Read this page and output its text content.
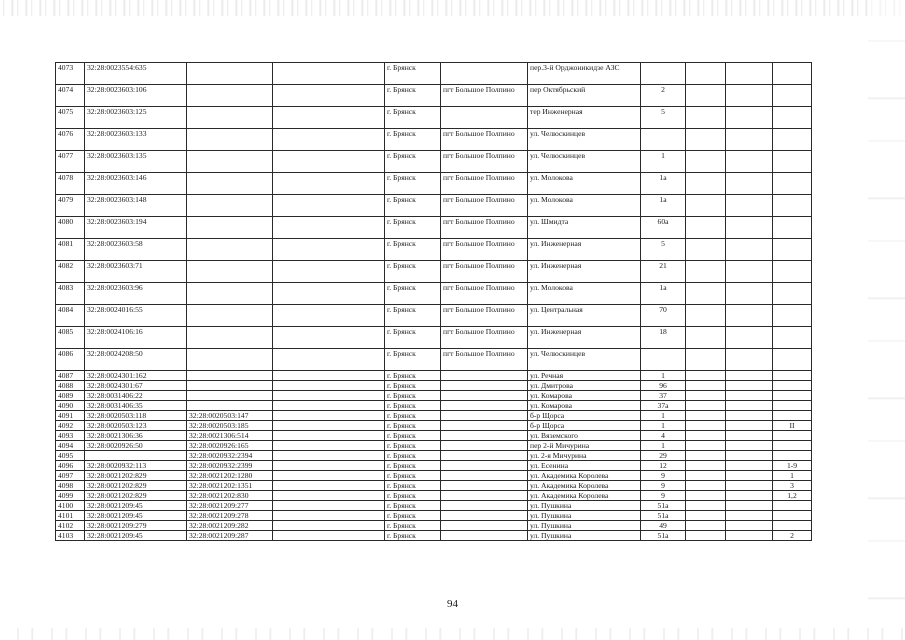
4073	32:28:0023554:635			г. Брянск		пер.3-й Орджоникидзе АЗС				
4074	32:28:0023603:106			г. Брянск	пгт Большое Полпино	пер Октябрьский	2			
4075	32:28:0023603:125			г. Брянск		тер Инженерная	5			
4076	32:28:0023603:133			г. Брянск	пгт Большое Полпино	ул. Челюскинцев				
4077	32:28:0023603:135			г. Брянск	пгт Большое Полпино	ул. Челюскинцев	1			
4078	32:28:0023603:146			г. Брянск	пгт Большое Полпино	ул. Молокова	1а			
4079	32:28:0023603:148			г. Брянск	пгт Большое Полпино	ул. Молокова	1а			
4080	32:28:0023603:194			г. Брянск	пгт Большое Полпино	ул. Шмидта	60а			
4081	32:28:0023603:58			г. Брянск	пгт Большое Полпино	ул. Инженерная	5			
4082	32:28:0023603:71			г. Брянск	пгт Большое Полпино	ул. Инженерная	21			
4083	32:28:0023603:96			г. Брянск	пгт Большое Полпино	ул. Молокова	1а			
4084	32:28:0024016:55			г. Брянск	пгт Большое Полпино	ул. Центральная	70			
4085	32:28:0024106:16			г. Брянск	пгт Большое Полпино	ул. Инженерная	18			
4086	32:28:0024208:50			г. Брянск	пгт Большое Полпино	ул. Челюскинцев				
4087	32:28:0024301:162			г. Брянск		ул. Речная	1			
4088	32:28:0024301:67			г. Брянск		ул. Дмитрова	96			
4089	32:28:0031406:22			г. Брянск		ул. Комарова	37			
4090	32:28:0031406:35			г. Брянск		ул. Комарова	37а			
4091	32:28:0020503:118	32:28:0020503:147		г. Брянск		б-р Щорса	1			
4092	32:28:0020503:123	32:28:0020503:185		г. Брянск		б-р Щорса	1			II
4093	32:28:0021306:36	32:28:0021306:514		г. Брянск		ул. Вяземского	4			
4094	32:28:0020926:50	32:28:0020926:165		г. Брянск		пер 2-й Мичурина	1			
4095		32:28:0020932:2394		г. Брянск		ул. 2-я Мичурина	29			
4096	32:28:0020932:113	32:28:0020932:2399		г. Брянск		ул. Есенина	12			1-9
4097	32:28:0021202:829	32:28:0021202:1280		г. Брянск		ул. Академика Королева	9			1
4098	32:28:0021202:829	32:28:0021202:1351		г. Брянск		ул. Академика Королева	9			3
4099	32:28:0021202:829	32:28:0021202:830		г. Брянск		ул. Академика Королева	9			1,2
4100	32:28:0021209:45	32:28:0021209:277		г. Брянск		ул. Пушкина	51а			
4101	32:28:0021209:45	32:28:0021209:278		г. Брянск		ул. Пушкина	51а			
4102	32:28:0021209:279	32:28:0021209:282		г. Брянск		ул. Пушкина	49			
4103	32:28:0021209:45	32:28:0021209:287		г. Брянск		ул. Пушкина	51а			2
94
